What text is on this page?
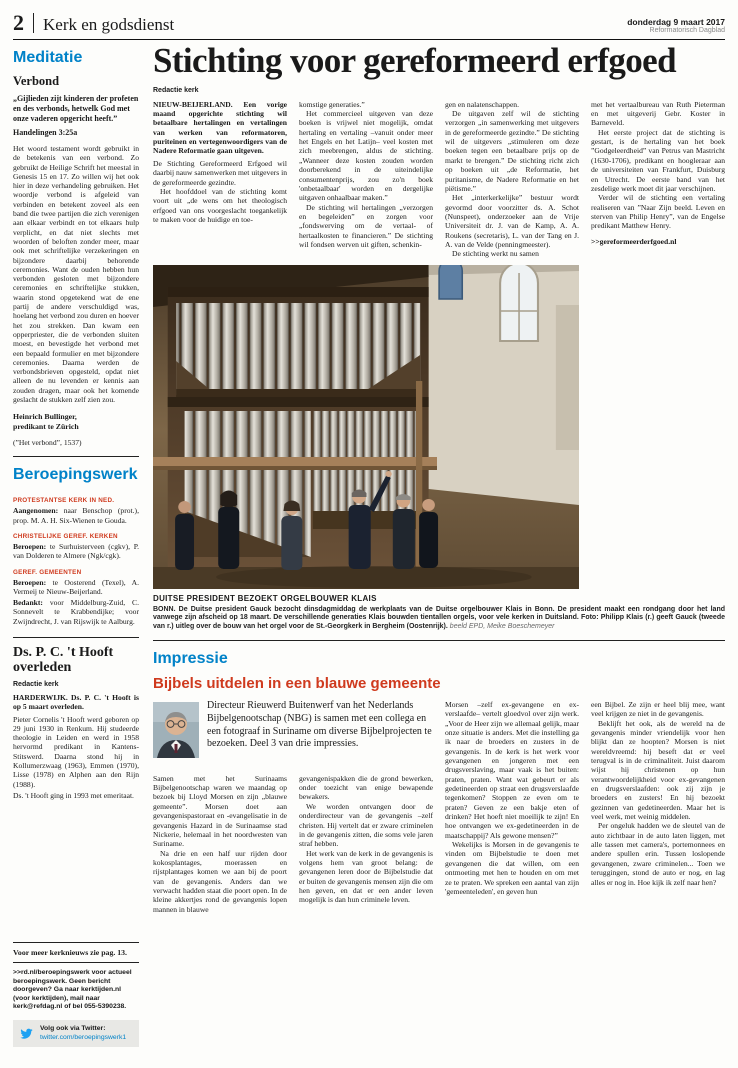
2 Kerk en godsdienst	donderdag 9 maart 2017
Reformatorisch Dagblad
Meditatie
Verbond
„Gijlieden zijt kinderen der profeten en des verbonds, hetwelk God met onze vaderen opgericht heeft.”
Handelingen 3:25a
Het woord testament wordt gebruikt in de betekenis van een verbond. Zo gebruikt de Heilige Schrift het meestal in Genesis 15 en 17. Zo willen wij het ook hier in deze verhandeling gebruiken. Het woordje verbond is afgeleid van verbinden en betekent zoveel als een band die twee partijen die zich verenigen aan elkaar verbindt en tot elkaars hulp verplicht, en dat niet slechts met woorden of beloften zonder meer, maar ook met schriftelijke verzekeringen en bijzondere daarbij behorende ceremonies. Want de ouden hebben hun verbonden gesloten met bijzondere ceremonies en schriftelijke stukken, waarin stond opgetekend wat de ene partij de andere verschuldigd was, hoelang het verbond zou duren en hoever het zou strekken. Dan kwam een opperpriester, die de verbonden sluiten moest, en bevestigde het verbond met een bepaald formulier en met bijzondere ceremonies. Daarna werden de verbondsbrieven opgesteld, opdat niet alleen de nu levenden er kennis aan zouden dragen, maar ook het komende geslacht de stukken zelf zien zou.
Heinrich Bullinger,
predikant te Zürich
(”Het verbond”, 1537)
Beroepingswerk
PROTESTANTSE KERK IN NED.
Aangenomen: naar Benschop (prot.), prop. M. A. H. Six-Wienen te Gouda.
CHRISTELIJKE GEREF. KERKEN
Beroepen: te Surhuisterveen (cgkv), P. van Dolderen te Almere (Ngk/cgk).
GEREF. GEMEENTEN
Beroepen: te Oosterend (Texel), A. Vermeij te Nieuw-Beijerland.
Bedankt: voor Middelburg-Zuid, C. Sonnevelt te Krabbendijke; voor Zwijndrecht, J. van Rijswijk te Aalburg.
Ds. P. C. 't Hooft overleden
Redactie kerk
HARDERWIJK. Ds. P. C. 't Hooft is op 5 maart overleden.
Pieter Cornelis 't Hooft werd geboren op 29 juni 1930 in Renkum. Hij studeerde theologie in Leiden en werd in 1958 hervormd predikant in Kantens-Stitswerd. Daarna stond hij in Kollumerzwaag (1963), Emmen (1970), Lisse (1978) en Alphen aan den Rijn (1988).
Ds. 't Hooft ging in 1993 met emeritaat.
Voor meer kerknieuws zie pag. 13.
>>rd.nl/beroepingswerk voor actueel beroepingswerk. Geen bericht doorgeven? Ga naar kerktijden.nl (voor kerktijden), mail naar kerk@refdag.nl of bel 055-5390238.
Volg ook via Twitter:
twitter.com/beroepingswerk1
Stichting voor gereformeerd erfgoed
Redactie kerk

NIEUW-BEIJERLAND. Een vorige maand opgerichte stichting wil betaalbare hertalingen en vertalingen van werken van reformatoren, puriteinen en vertegenwoordigers van de Nadere Reformatie gaan uitgeven.

De Stichting Gereformeerd Erfgoed wil daarbij nauw samenwerken met uitgevers in de gereformeerde gezindte.

Het hoofddoel van de stichting komt voort uit „de wens om het theologisch erfgoed van ons voorgeslacht toegankelijk te maken voor de huidige en toe-

komstige generaties.”

Het commercieel uitgeven van deze boeken is vrijwel niet mogelijk, omdat hertaling en vertaling –vanuit onder meer het Engels en het Latijn– veel kosten met zich meebrengen, aldus de stichting. „Wanneer deze kosten zouden worden doorberekend in de uiteindelijke consumentenprijs, zou zo'n boek 'onbetaalbaar' worden en dergelijke uitgaven onhaalbaar maken.”

De stichting wil hertalingen „verzorgen en begeleiden” en zorgen voor „fondswerving om de vertaal- of hertaalkosten te financieren.” De stichting wil fondsen werven uit giften, schenkin-

gen en nalatenschappen.

De uitgaven zelf wil de stichting verzorgen „in samenwerking met uitgevers in de gereformeerde gezindte.” De stichting wil de uitgevers „stimuleren om deze boeken tegen een betaalbare prijs op de markt te brengen.” De stichting richt zich op boeken uit „de Reformatie, het puritanisme, de Nadere Reformatie en het piëtisme.”

Het „interkerkelijke” bestuur wordt gevormd door voorzitter ds. A. Schot (Nunspeet), onderzoeker aan de Vrije Universiteit dr. J. van de Kamp, A. A. Roukens (secretaris), L. van der Tang en J. A. van de Velde (penningmeester).

De stichting werkt nu samen

met het vertaalbureau van Ruth Pieterman en met uitgeverij Gebr. Koster in Barneveld.

Het eerste project dat de stichting is gestart, is de hertaling van het boek ”Godgeleerdheid” van Petrus van Mastricht (1630-1706), predikant en hoogleraar aan de universiteiten van Frankfurt, Duisburg en Utrecht. De eerste band van het zesdelige werk moet dit jaar verschijnen.

Verder wil de stichting een vertaling realiseren van ”Naar Zijn beeld. Leven en sterven van Philip Henry”, van de Engelse predikant Matthew Henry.

>>gereformeerderfgoed.nl

DUITSE PRESIDENT BEZOEKT ORGELBOUWER KLAIS
BONN. De Duitse president Gauck bezocht dinsdagmiddag de werkplaats van de Duitse orgelbouwer Klais in Bonn. De president maakt een rondgang door het land vanwege zijn afscheid op 18 maart. De verschillende generaties Klais bouwden tientallen orgels, voor vele kerken in Duitsland. Foto: Philipp Klais (r.) geeft Gauck (tweede van r.) uitleg over de bouw van het orgel voor de St.-Georgkerk in Bergheim (Oostenrijk). beeld EPD, Meike Boeschemeyer
Impressie
Bijbels uitdelen in een blauwe gemeente
Directeur Rieuwerd Buitenwerf van het Nederlands Bijbelgenootschap (NBG) is samen met een collega en een fotograaf in Suriname om diverse Bijbelprojecten te bezoeken. Deel 3 van drie impressies.

Samen met het Surinaams Bijbelgenootschap waren we maandag op bezoek bij Lloyd Morsen en zijn „blauwe gemeente”. Morsen doet aan gevangenispastoraat en -evangelisatie in de gevangenis Hazard in de Surinaamse stad Nickerie, helemaal in het noordwesten van Suriname.

Na drie en een half uur rijden door kokosplantages, moerassen en rijstplantages komen we aan bij de poort van de gevangenis. Anders dan we verwacht hadden staat die poort open. In de kleine akkertjes rond de gevangenis lopen mannen in blauwe

gevangenispakken die de grond bewerken, onder toezicht van enige bewapende bewakers.

We worden ontvangen door de onderdirecteur van de gevangenis –zelf christen. Hij vertelt dat er zware criminelen in de gevangenis zitten, die soms vele jaren straf hebben.

Het werk van de kerk in de gevangenis is volgens hem van groot belang: de gevangenen leren door de Bijbelstudie dat er buiten de gevangenis mensen zijn die om hen geven, en dat er een ander leven mogelijk is dan hun criminele leven.

Morsen –zelf ex-gevangene en ex-verslaafde– vertelt gloedvol over zijn werk. „Voor de Heer zijn we allemaal gelijk, maar onze situatie is anders. Met die instelling ga ik naar de broeders en zusters in de gevangenis. In de kerk is het werk voor gevangenen en jongeren met een drugsverslaving, maar vaak is het buiten: praten, praten. Want wat gebeurt er als gedetineerden op straat een drugsverslaafde tegenkomen? Stoppen ze even om te praten? Geven ze een bakje eten of drinken? Het hoeft niet moeilijk te zijn! En hoe ontvangen we ex-gedetineerden in de maatschappij? Als gewone mensen?”

Wekelijks is Morsen in de gevangenis te vinden om Bijbelstudie te doen met gevangenen die dat willen, om een ontmoeting met hen te houden en om met ze te praten. We spreken een aantal van zijn 'gemeenteleden', en geven hun

een Bijbel. Ze zijn er heel blij mee, want veel krijgen ze niet in de gevangenis.

Beklijft het ook, als de wereld na de gevangenis minder vriendelijk voor hen blijkt dan ze hoopten? Morsen is niet wereldvreemd: hij beseft dat er veel terugval is in de criminaliteit. Juist daarom wijst hij christenen op hun verantwoordelijkheid voor ex-gevangenen en drugsverslaafden: ook zij zijn je broeders en zusters! En hij bezoekt gezinnen van gedetineerden. Maar het is veel werk, met weinig middelen.

Per ongeluk hadden we de sleutel van de auto zichtbaar in de auto laten liggen, met alle tassen met camera's, portemonnees en andere spullen erin. Tussen loslopende gevangenen, zware criminelen... Toen we teruggingen, stond de auto er nog, en lag alles er nog in. Hoe kijk ik zelf naar hen?
